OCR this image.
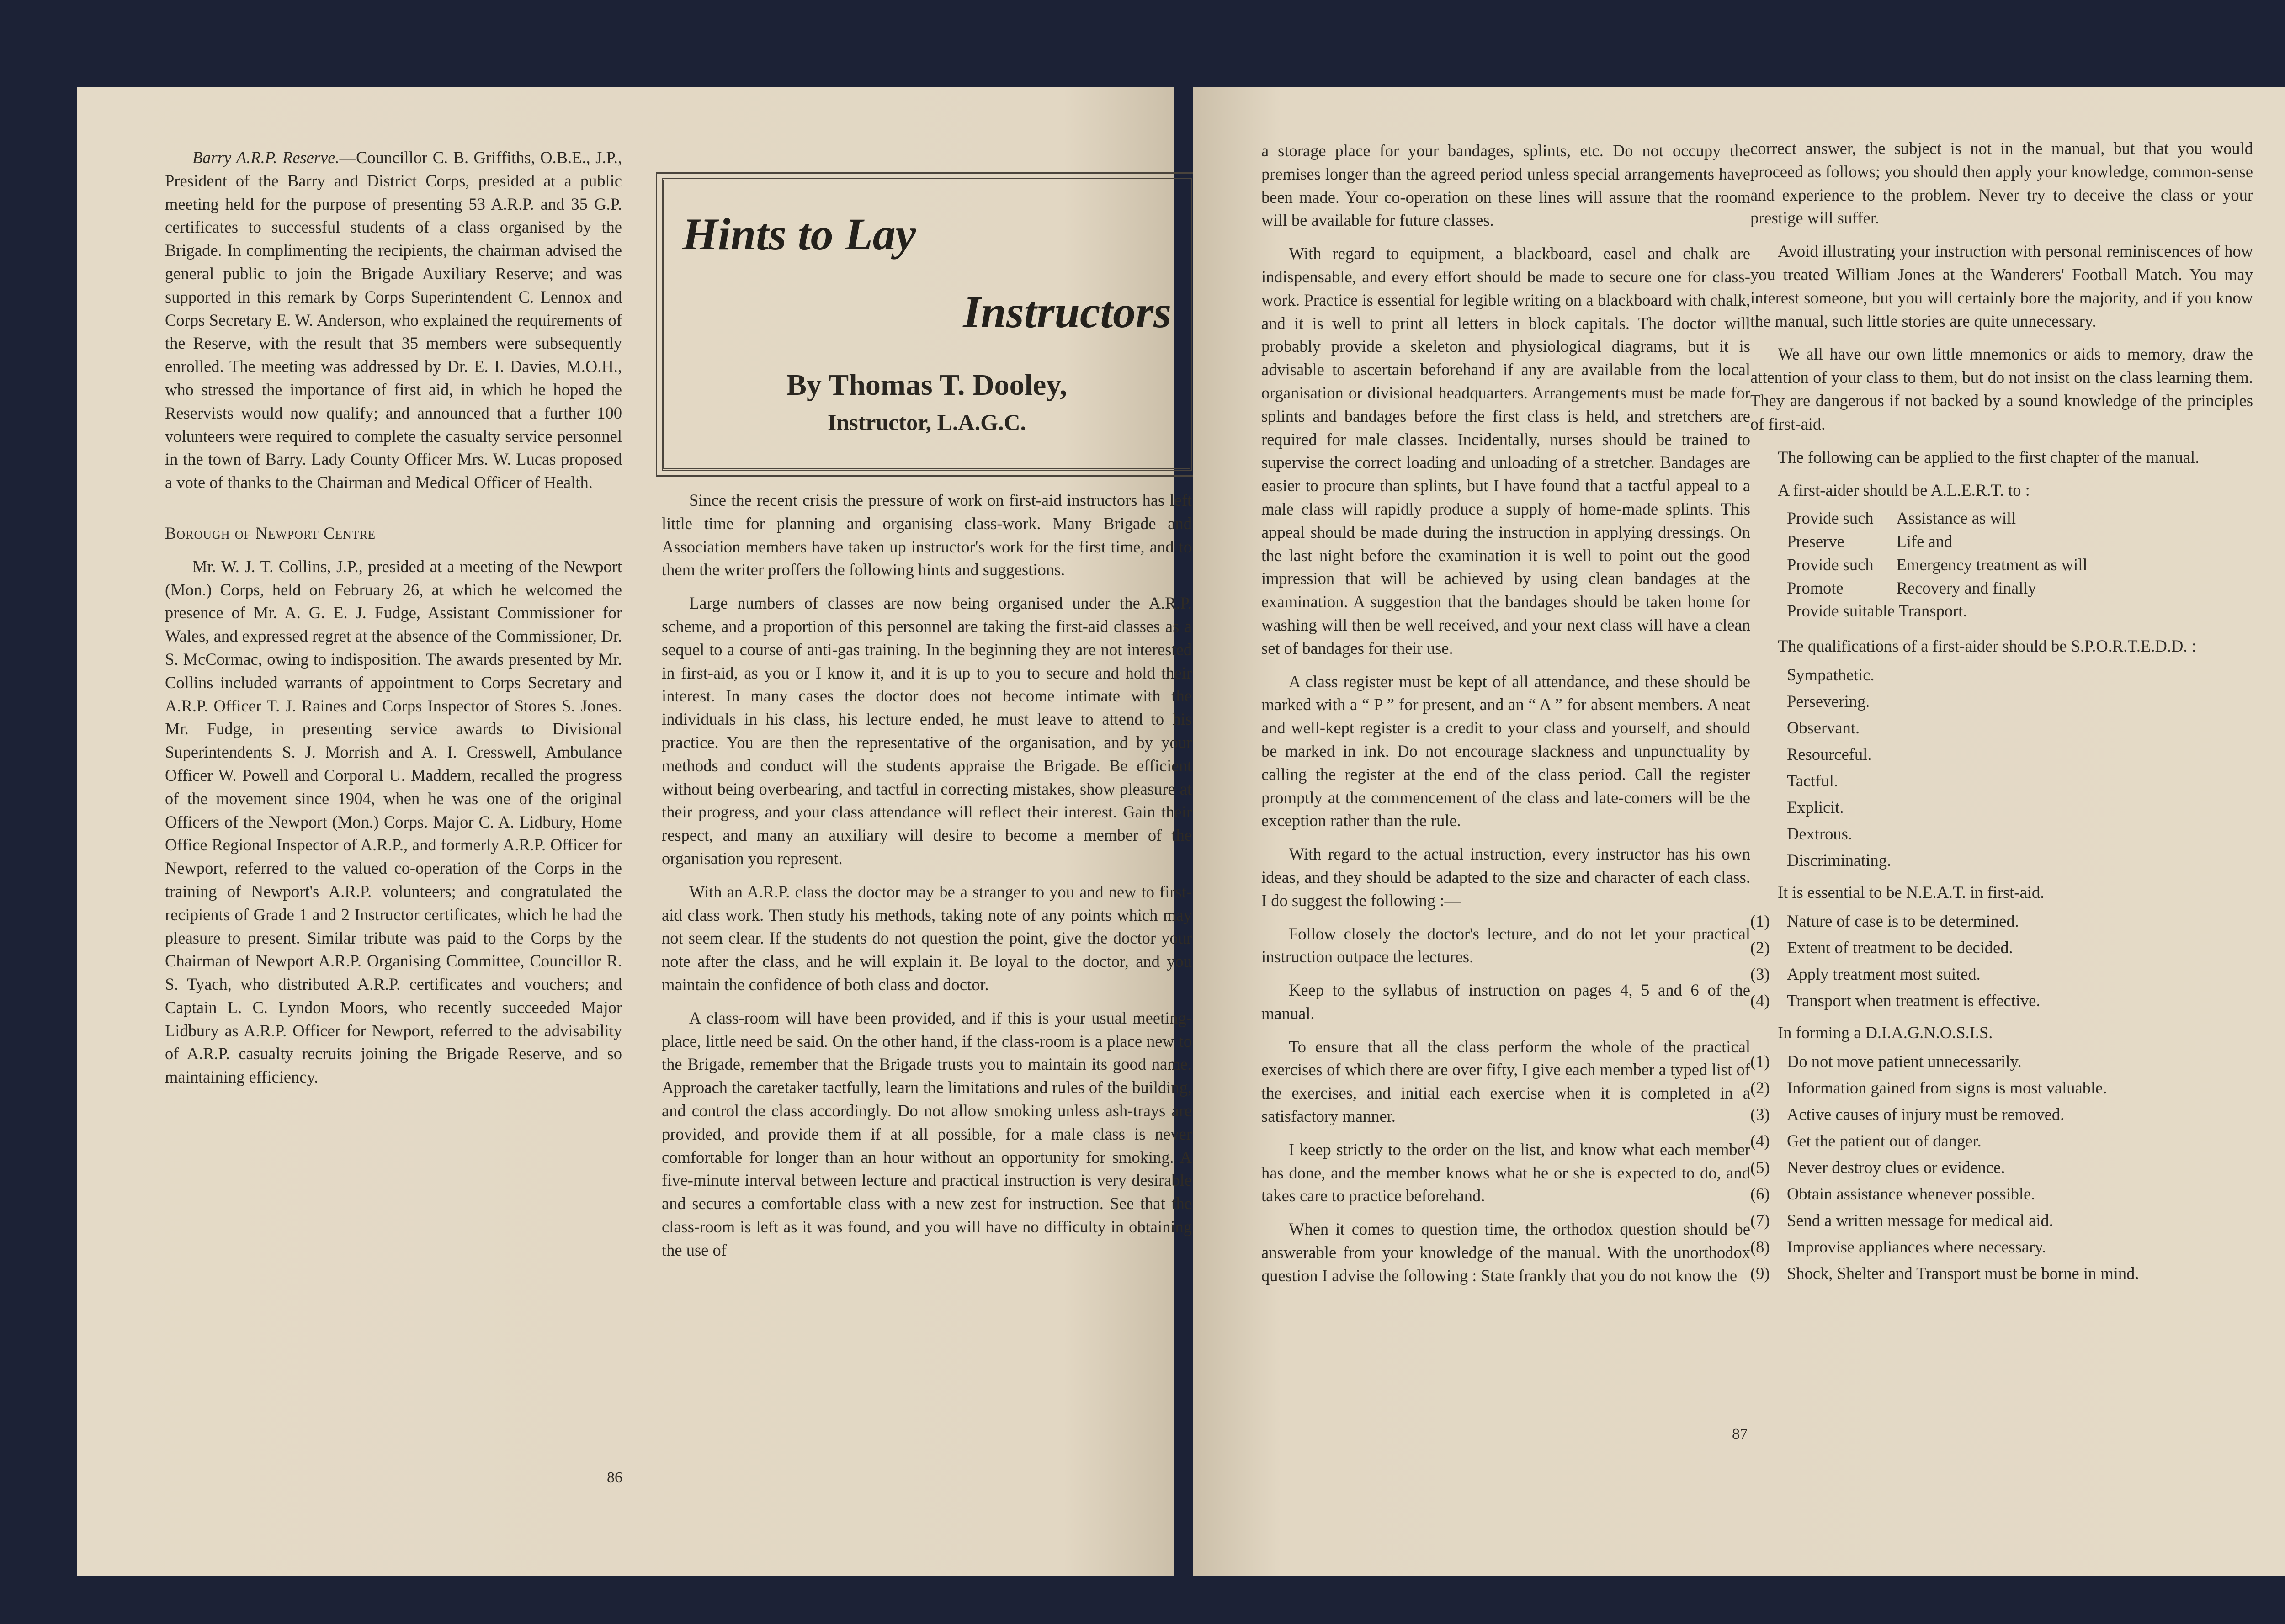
Barry A.R.P. Reserve.—Councillor C. B. Griffiths, O.B.E., J.P., President of the Barry and District Corps, presided at a public meeting held for the purpose of presenting 53 A.R.P. and 35 G.P. certificates to successful students of a class organised by the Brigade. In complimenting the recipients, the chairman advised the general public to join the Brigade Auxiliary Reserve; and was supported in this remark by Corps Superintendent C. Lennox and Corps Secretary E. W. Anderson, who explained the requirements of the Reserve, with the result that 35 members were subsequently enrolled. The meeting was addressed by Dr. E. I. Davies, M.O.H., who stressed the importance of first aid, in which he hoped the Reservists would now qualify; and announced that a further 100 volunteers were required to complete the casualty service personnel in the town of Barry. Lady County Officer Mrs. W. Lucas proposed a vote of thanks to the Chairman and Medical Officer of Health.

Borough of Newport Centre

Mr. W. J. T. Collins, J.P., presided at a meeting of the Newport (Mon.) Corps, held on February 26, at which he welcomed the presence of Mr. A. G. E. J. Fudge, Assistant Commissioner for Wales, and expressed regret at the absence of the Commissioner, Dr. S. McCormac, owing to indisposition. The awards presented by Mr. Collins included warrants of appointment to Corps Secretary and A.R.P. Officer T. J. Raines and Corps Inspector of Stores S. Jones. Mr. Fudge, in presenting service awards to Divisional Superintendents S. J. Morrish and A. I. Cresswell, Ambulance Officer W. Powell and Corporal U. Maddern, recalled the progress of the movement since 1904, when he was one of the original Officers of the Newport (Mon.) Corps. Major C. A. Lidbury, Home Office Regional Inspector of A.R.P., and formerly A.R.P. Officer for Newport, referred to the valued co-operation of the Corps in the training of Newport's A.R.P. volunteers; and congratulated the recipients of Grade 1 and 2 Instructor certificates, which he had the pleasure to present. Similar tribute was paid to the Corps by the Chairman of Newport A.R.P. Organising Committee, Councillor R. S. Tyach, who distributed A.R.P. certificates and vouchers; and Captain L. C. Lyndon Moors, who recently succeeded Major Lidbury as A.R.P. Officer for Newport, referred to the advisability of A.R.P. casualty recruits joining the Brigade Reserve, and so maintaining efficiency.

Hints to Lay
Instructors
By Thomas T. Dooley,
Instructor, L.A.G.C.

Since the recent crisis the pressure of work on first-aid instructors has left little time for planning and organising class-work. Many Brigade and Association members have taken up instructor's work for the first time, and to them the writer proffers the following hints and suggestions.

Large numbers of classes are now being organised under the A.R.P. scheme, and a proportion of this personnel are taking the first-aid classes as a sequel to a course of anti-gas training. In the beginning they are not interested in first-aid, as you or I know it, and it is up to you to secure and hold their interest. In many cases the doctor does not become intimate with the individuals in his class, his lecture ended, he must leave to attend to his practice. You are then the representative of the organisation, and by your methods and conduct will the students appraise the Brigade. Be efficient without being overbearing, and tactful in correcting mistakes, show pleasure at their progress, and your class attendance will reflect their interest. Gain their respect, and many an auxiliary will desire to become a member of the organisation you represent.

With an A.R.P. class the doctor may be a stranger to you and new to first-aid class work. Then study his methods, taking note of any points which may not seem clear. If the students do not question the point, give the doctor your note after the class, and he will explain it. Be loyal to the doctor, and you maintain the confidence of both class and doctor.

A class-room will have been provided, and if this is your usual meeting-place, little need be said. On the other hand, if the class-room is a place new to the Brigade, remember that the Brigade trusts you to maintain its good name. Approach the caretaker tactfully, learn the limitations and rules of the building, and control the class accordingly. Do not allow smoking unless ash-trays are provided, and provide them if at all possible, for a male class is never comfortable for longer than an hour without an opportunity for smoking. A five-minute interval between lecture and practical instruction is very desirable and secures a comfortable class with a new zest for instruction. See that the class-room is left as it was found, and you will have no difficulty in obtaining the use of

86

a storage place for your bandages, splints, etc. Do not occupy the premises longer than the agreed period unless special arrangements have been made. Your co-operation on these lines will assure that the room will be available for future classes.

With regard to equipment, a blackboard, easel and chalk are indispensable, and every effort should be made to secure one for class-work. Practice is essential for legible writing on a blackboard with chalk, and it is well to print all letters in block capitals. The doctor will probably provide a skeleton and physiological diagrams, but it is advisable to ascertain beforehand if any are available from the local organisation or divisional headquarters. Arrangements must be made for splints and bandages before the first class is held, and stretchers are required for male classes. Incidentally, nurses should be trained to supervise the correct loading and unloading of a stretcher. Bandages are easier to procure than splints, but I have found that a tactful appeal to a male class will rapidly produce a supply of home-made splints. This appeal should be made during the instruction in applying dressings. On the last night before the examination it is well to point out the good impression that will be achieved by using clean bandages at the examination. A suggestion that the bandages should be taken home for washing will then be well received, and your next class will have a clean set of bandages for their use.

A class register must be kept of all attendance, and these should be marked with a “ P ” for present, and an “ A ” for absent members. A neat and well-kept register is a credit to your class and yourself, and should be marked in ink. Do not encourage slackness and unpunctuality by calling the register at the end of the class period. Call the register promptly at the commencement of the class and late-comers will be the exception rather than the rule.

With regard to the actual instruction, every instructor has his own ideas, and they should be adapted to the size and character of each class. I do suggest the following :—

Follow closely the doctor's lecture, and do not let your practical instruction outpace the lectures.

Keep to the syllabus of instruction on pages 4, 5 and 6 of the manual.

To ensure that all the class perform the whole of the practical exercises of which there are over fifty, I give each member a typed list of the exercises, and initial each exercise when it is completed in a satisfactory manner.

I keep strictly to the order on the list, and know what each member has done, and the member knows what he or she is expected to do, and takes care to practice beforehand.

When it comes to question time, the orthodox question should be answerable from your knowledge of the manual. With the unorthodox question I advise the following : State frankly that you do not know the

correct answer, the subject is not in the manual, but that you would proceed as follows; you should then apply your knowledge, common-sense and experience to the problem. Never try to deceive the class or your prestige will suffer.

Avoid illustrating your instruction with personal reminiscences of how you treated William Jones at the Wanderers' Football Match. You may interest someone, but you will certainly bore the majority, and if you know the manual, such little stories are quite unnecessary.

We all have our own little mnemonics or aids to memory, draw the attention of your class to them, but do not insist on the class learning them. They are dangerous if not backed by a sound knowledge of the principles of first-aid.

The following can be applied to the first chapter of the manual.

A first-aider should be A.L.E.R.T. to :

Provide such	Assistance as will
Preserve	Life and
Provide such	Emergency treatment as will
Promote	Recovery and finally
Provide suitable Transport.	

The qualifications of a first-aider should be S.P.O.R.T.E.D.D. :

Sympathetic.
Persevering.
Observant.
Resourceful.
Tactful.
Explicit.
Dextrous.
Discriminating.

It is essential to be N.E.A.T. in first-aid.

(1) Nature of case is to be determined.
(2) Extent of treatment to be decided.
(3) Apply treatment most suited.
(4) Transport when treatment is effective.

In forming a D.I.A.G.N.O.S.I.S.

(1) Do not move patient unnecessarily.
(2) Information gained from signs is most valuable.
(3) Active causes of injury must be removed.
(4) Get the patient out of danger.
(5) Never destroy clues or evidence.
(6) Obtain assistance whenever possible.
(7) Send a written message for medical aid.
(8) Improvise appliances where necessary.
(9) Shock, Shelter and Transport must be borne in mind.
87
